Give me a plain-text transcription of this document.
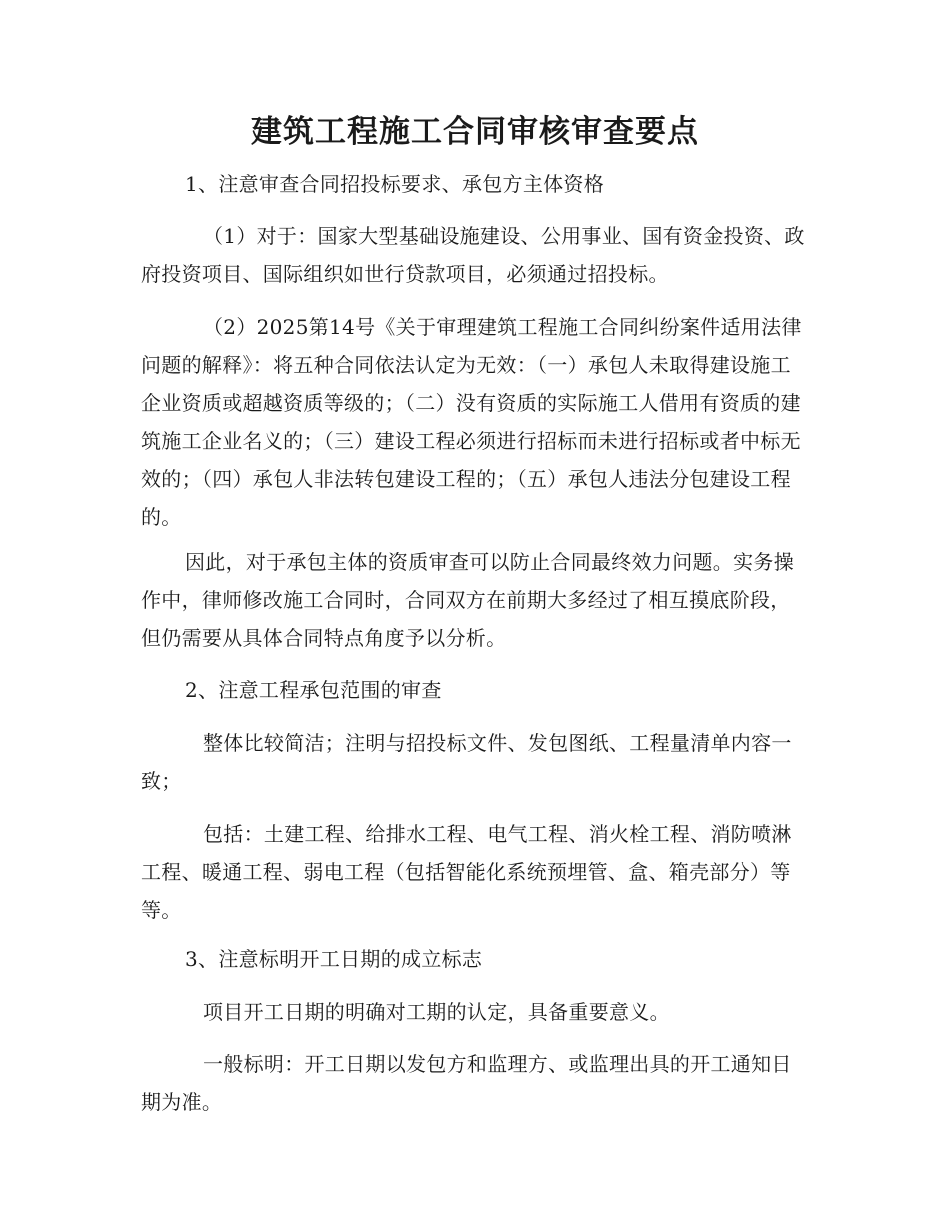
建筑工程施工合同审核审查要点

1、注意审查合同招投标要求、承包方主体资格

（1）对于：国家大型基础设施建设、公用事业、国有资金投资、政府投资项目、国际组织如世行贷款项目，必须通过招投标。

（2）2025第14号《关于审理建筑工程施工合同纠纷案件适用法律问题的解释》：将五种合同依法认定为无效：（一）承包人未取得建设施工企业资质或超越资质等级的；（二）没有资质的实际施工人借用有资质的建筑施工企业名义的；（三）建设工程必须进行招标而未进行招标或者中标无效的；（四）承包人非法转包建设工程的；（五）承包人违法分包建设工程的。

因此，对于承包主体的资质审查可以防止合同最终效力问题。实务操作中，律师修改施工合同时，合同双方在前期大多经过了相互摸底阶段，但仍需要从具体合同特点角度予以分析。

2、注意工程承包范围的审查

整体比较简洁；注明与招投标文件、发包图纸、工程量清单内容一致；

包括：土建工程、给排水工程、电气工程、消火栓工程、消防喷淋工程、暖通工程、弱电工程（包括智能化系统预埋管、盒、箱壳部分）等等。

3、注意标明开工日期的成立标志

项目开工日期的明确对工期的认定，具备重要意义。

一般标明：开工日期以发包方和监理方、或监理出具的开工通知日期为准。
